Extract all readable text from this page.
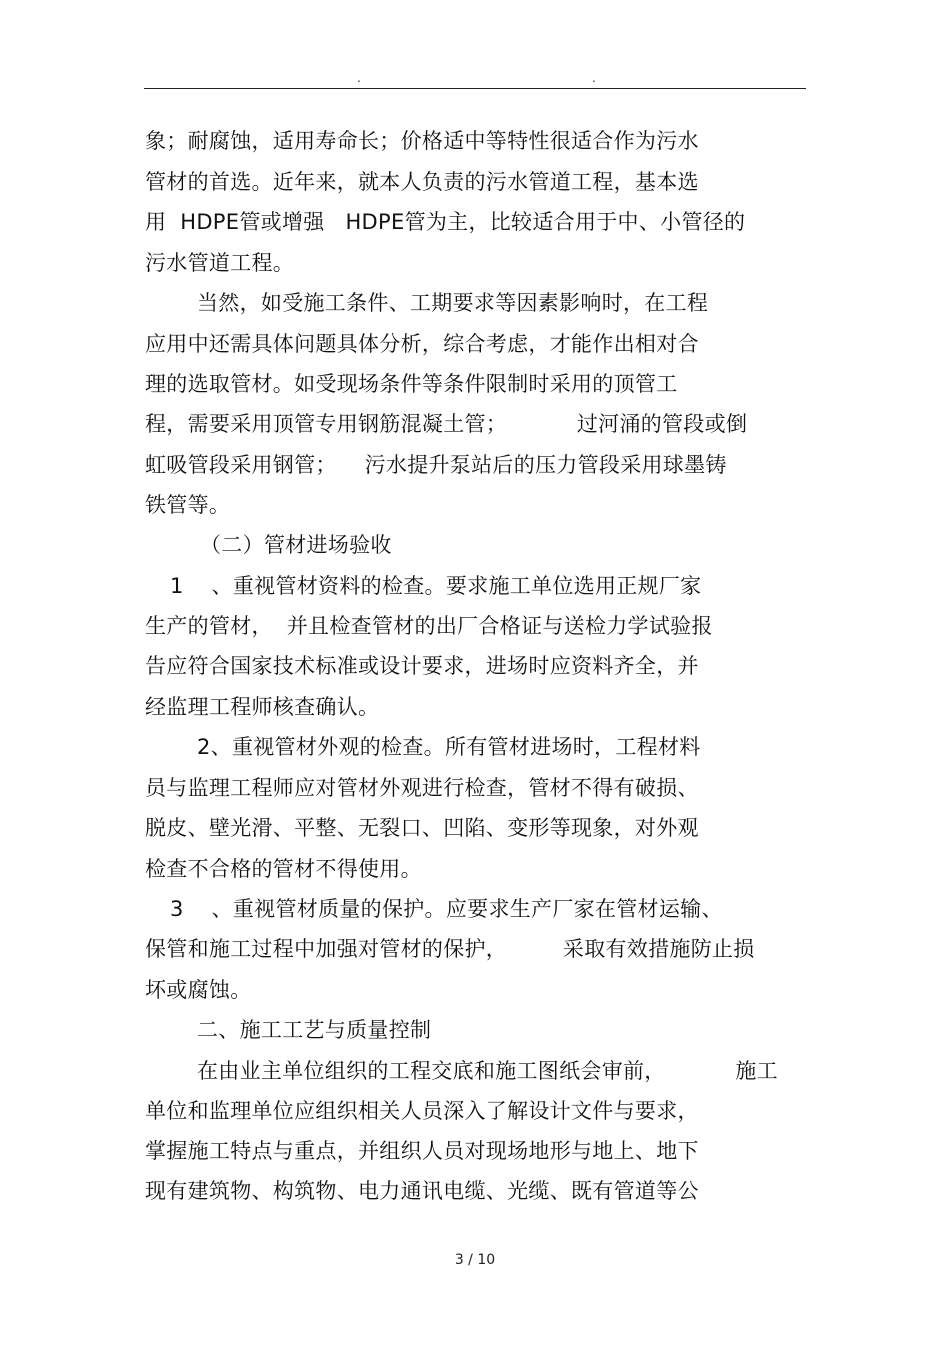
.	.
象；耐腐蚀，适用寿命长；价格适中等特性很适合作为污水
管材的首选。近年来，就本人负责的污水管道工程，基本选
用  HDPE管或增强   HDPE管为主，比较适合用于中、小管径的
污水管道工程。
当然，如受施工条件、工期要求等因素影响时，在工程
应用中还需具体问题具体分析，综合考虑，才能作出相对合
理的选取管材。如受现场条件等条件限制时采用的顶管工
程，需要采用顶管专用钢筋混凝土管；          过河涌的管段或倒
虹吸管段采用钢管；    污水提升泵站后的压力管段采用球墨铸
铁管等。
（二）管材进场验收
1    、重视管材资料的检查。要求施工单位选用正规厂家
生产的管材，  并且检查管材的出厂合格证与送检力学试验报
告应符合国家技术标准或设计要求，进场时应资料齐全，并
经监理工程师核查确认。
2、重视管材外观的检查。所有管材进场时，工程材料
员与监理工程师应对管材外观进行检查，管材不得有破损、
脱皮、壁光滑、平整、无裂口、凹陷、变形等现象，对外观
检查不合格的管材不得使用。
3    、重视管材质量的保护。应要求生产厂家在管材运输、
保管和施工过程中加强对管材的保护，        采取有效措施防止损
坏或腐蚀。
二、施工工艺与质量控制
在由业主单位组织的工程交底和施工图纸会审前，          施工
单位和监理单位应组织相关人员深入了解设计文件与要求，
掌握施工特点与重点，并组织人员对现场地形与地上、地下
现有建筑物、构筑物、电力通讯电缆、光缆、既有管道等公
3 / 10
